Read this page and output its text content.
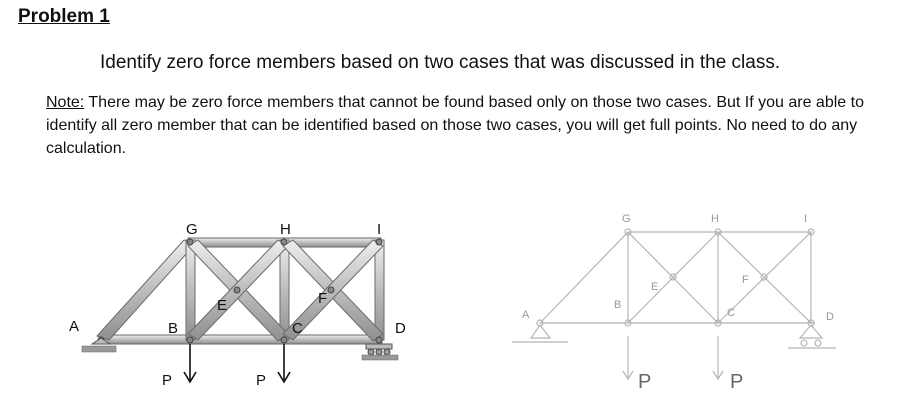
Problem 1
Identify zero force members based on two cases that was discussed in the class.
Note: There may be zero force members that cannot be found based only on those two cases. But If you are able to identify all zero member that can be identified based on those two cases, you will get full points. No need to do any calculation.
A	B
G
E
H
C
F
I
D
P	P
A
B
G
E
H
C
F
I
D
P	P
